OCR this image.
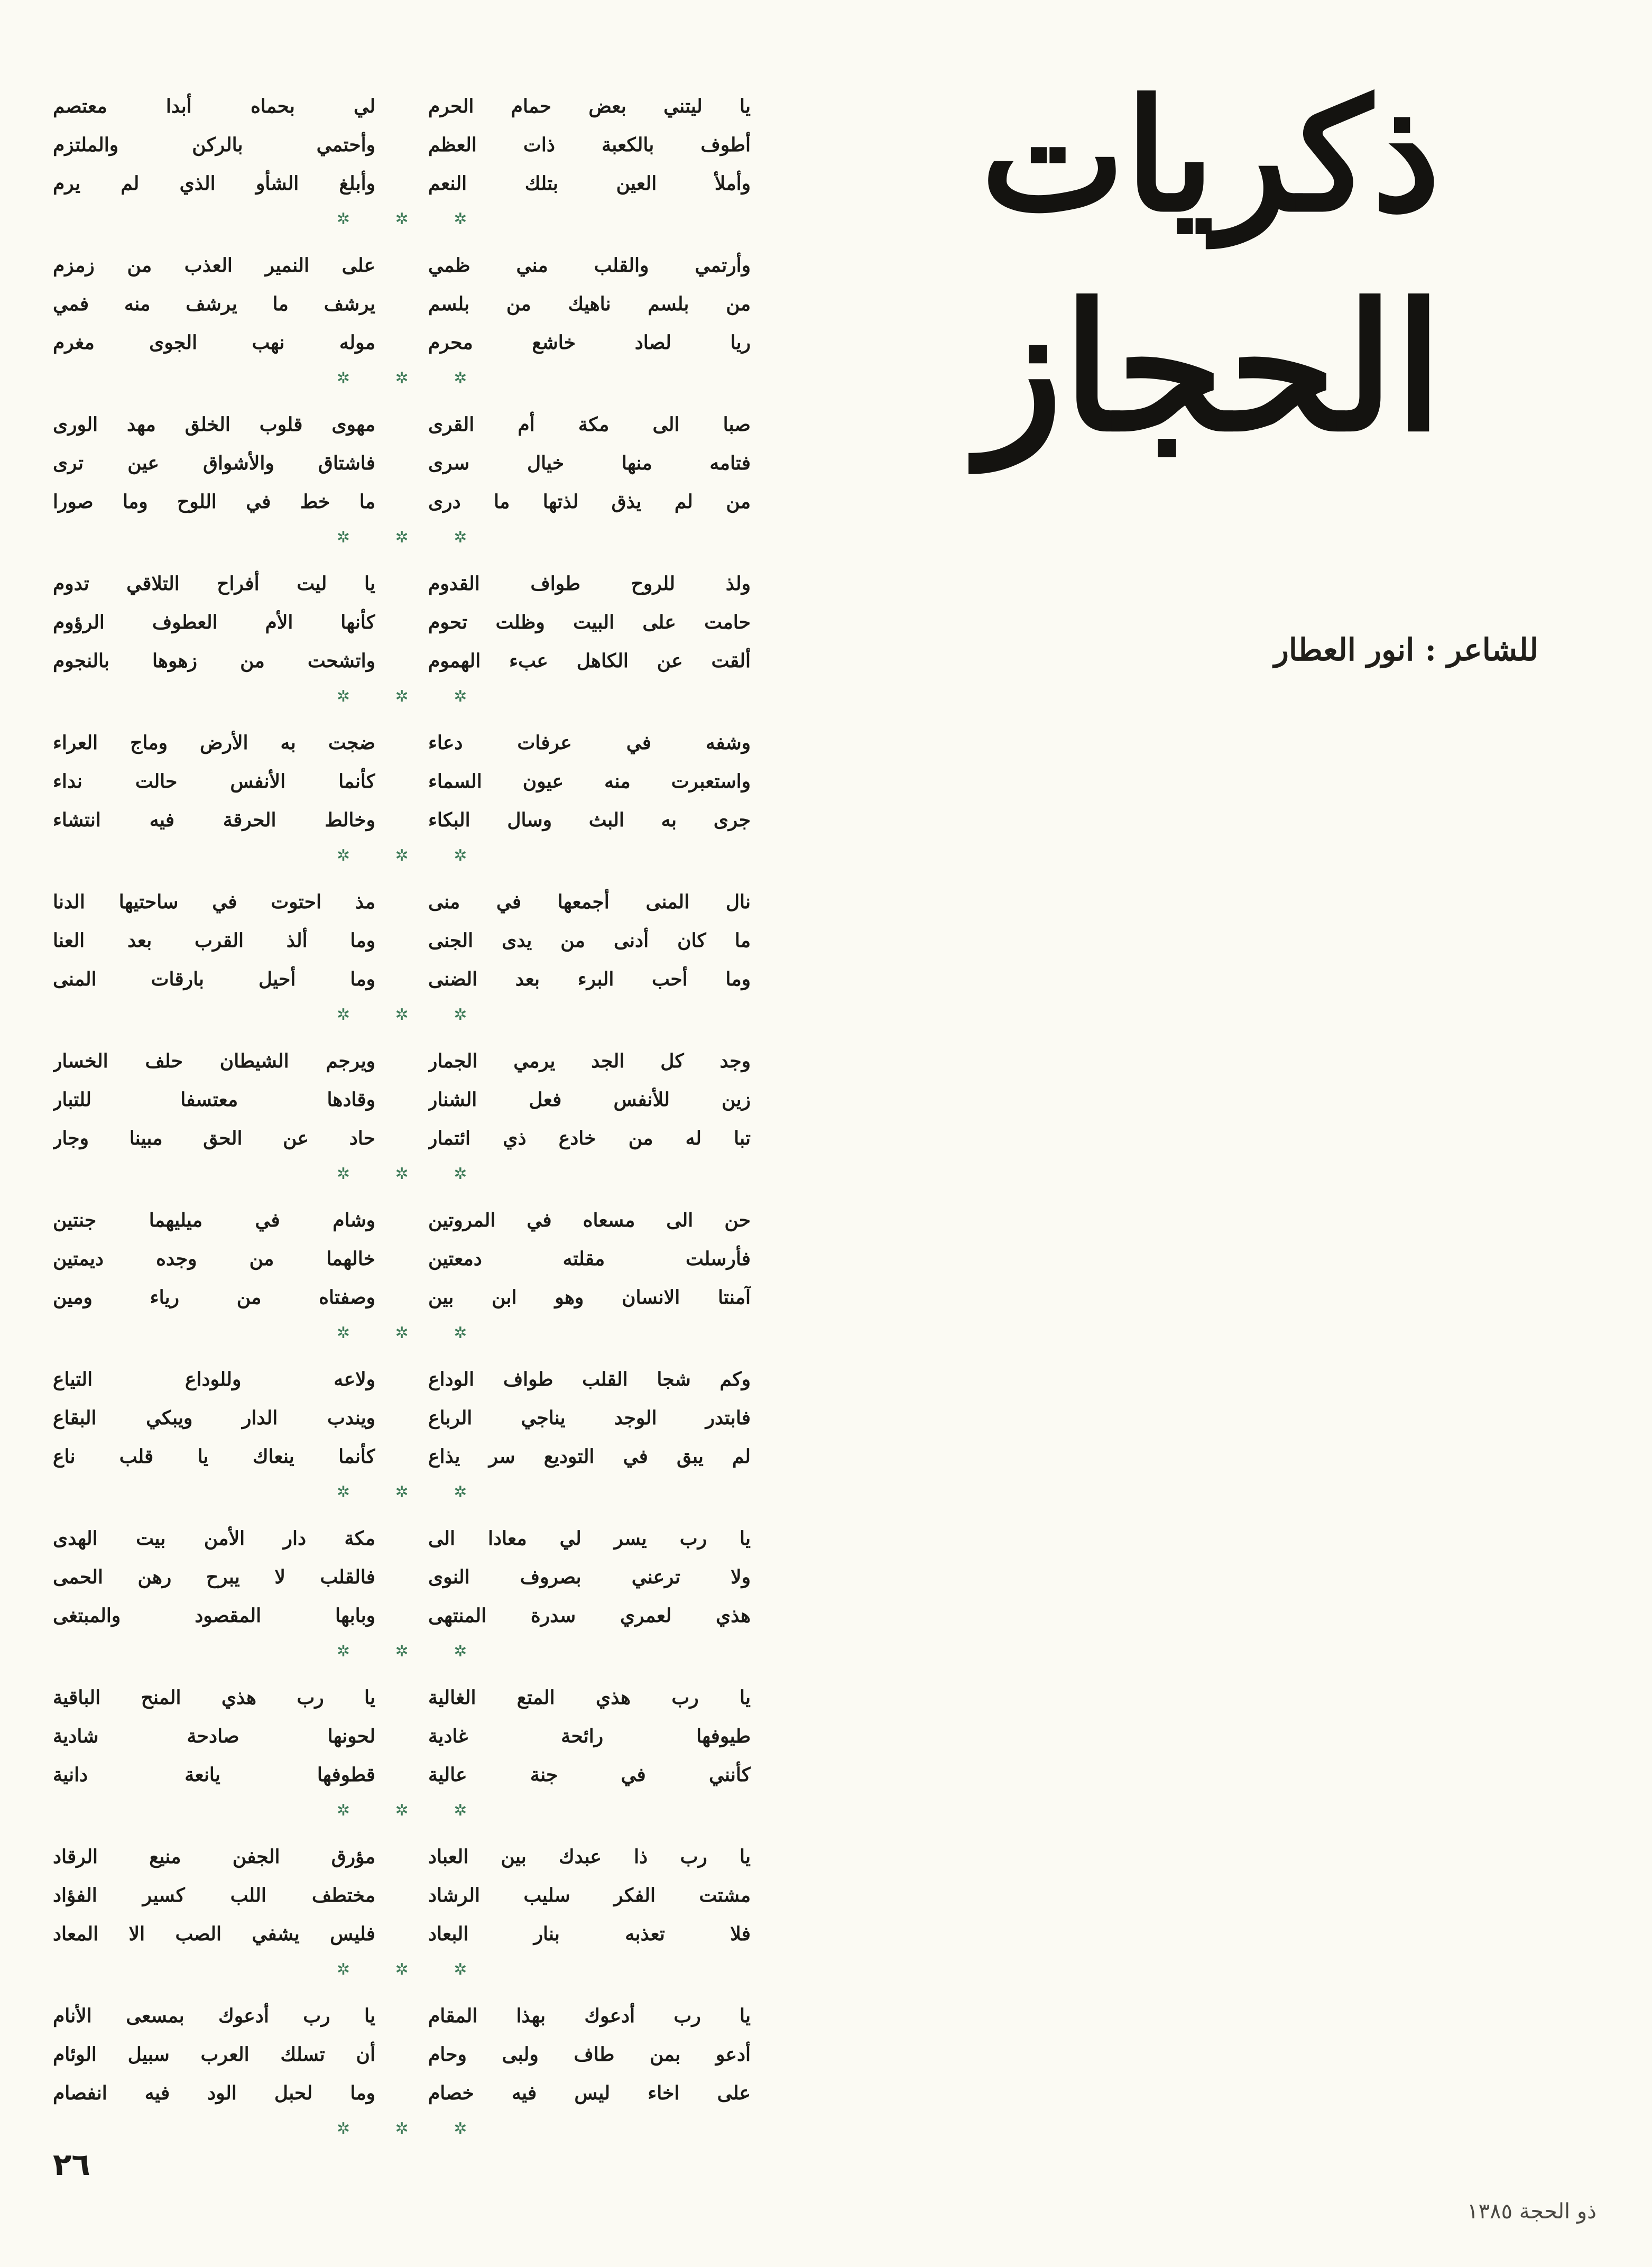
ذكريات
الحجاز
للشاعر : انور العطار
يا ليتني بعض حمام الحرم
لي بحماه أبدا معتصم
أطوف بالكعبة ذات العظم
وأحتمي بالركن والملتزم
وأملأ العين بتلك النعم
وأبلغ الشأو الذي لم يرم
✲ ✲ ✲
وأرتمي والقلب مني ظمي
على النمير العذب من زمزم
من بلسم ناهيك من بلسم
يرشف ما يرشف منه فمي
ريا لصاد خاشع محرم
موله نهب الجوى مغرم
✲ ✲ ✲
صبا الى مكة أم القرى
مهوى قلوب الخلق مهد الورى
فتامه منها خيال سرى
فاشتاق والأشواق عين ترى
من لم يذق لذتها ما درى
ما خط في اللوح وما صورا
✲ ✲ ✲
ولذ للروح طواف القدوم
يا ليت أفراح التلاقي تدوم
حامت على البيت وظلت تحوم
كأنها الأم العطوف الرؤوم
ألقت عن الكاهل عبء الهموم
واتشحت من زهوها بالنجوم
✲ ✲ ✲
وشفه في عرفات دعاء
ضجت به الأرض وماج العراء
واستعبرت منه عيون السماء
كأنما الأنفس حالت نداء
جرى به البث وسال البكاء
وخالط الحرقة فيه انتشاء
✲ ✲ ✲
نال المنى أجمعها في منى
مذ احتوت في ساحتيها الدنا
ما كان أدنى من يدى الجنى
وما ألذ القرب بعد العنا
وما أحب البرء بعد الضنى
وما أحيل بارقات المنى
✲ ✲ ✲
وجد كل الجد يرمي الجمار
ويرجم الشيطان حلف الخسار
زين للأنفس فعل الشنار
وقادها معتسفا للتبار
تبا له من خادع ذي ائتمار
حاد عن الحق مبينا وجار
✲ ✲ ✲
حن الى مسعاه في المروتين
وشام في ميليهما جنتين
فأرسلت مقلته دمعتين
خالهما من وجده ديمتين
آمنتا الانسان وهو ابن بين
وصفتاه من رياء ومين
✲ ✲ ✲
وكم شجا القلب طواف الوداع
ولاعه وللوداع التياع
فابتدر الوجد يناجي الرباع
ويندب الدار ويبكي البقاع
لم يبق في التوديع سر يذاع
كأنما ينعاك يا قلب ناع
✲ ✲ ✲
يا رب يسر لي معادا الى
مكة دار الأمن بيت الهدى
ولا ترعني بصروف النوى
فالقلب لا يبرح رهن الحمى
هذي لعمري سدرة المنتهى
وبابها المقصود والمبتغى
✲ ✲ ✲
يا رب هذي المتع الغالية
يا رب هذي المنح الباقية
طيوفها رائحة غادية
لحونها صادحة شادية
كأنني في جنة عالية
قطوفها يانعة دانية
✲ ✲ ✲
يا رب ذا عبدك بين العباد
مؤرق الجفن منيع الرقاد
مشتت الفكر سليب الرشاد
مختطف اللب كسير الفؤاد
فلا تعذبه بنار البعاد
فليس يشفي الصب الا المعاد
✲ ✲ ✲
يا رب أدعوك بهذا المقام
يا رب أدعوك بمسعى الأنام
أدعو بمن طاف ولبى وحام
أن تسلك العرب سبيل الوئام
على اخاء ليس فيه خصام
وما لحبل الود فيه انفصام
✲ ✲ ✲
٢٦
ذو الحجة ١٣٨٥
